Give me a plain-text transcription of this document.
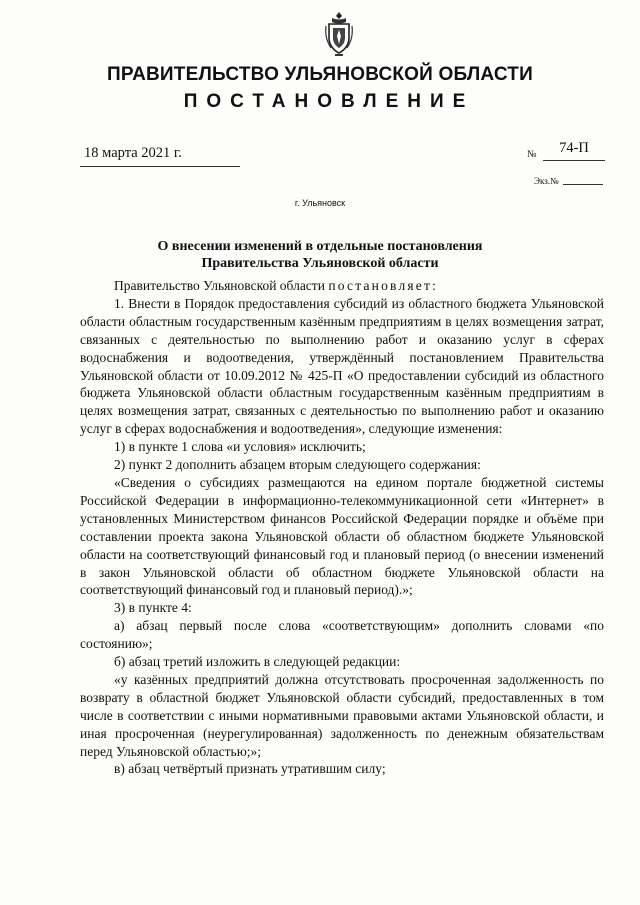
ПРАВИТЕЛЬСТВО УЛЬЯНОВСКОЙ ОБЛАСТИ
ПОСТАНОВЛЕНИЕ
18 марта 2021 г.	№	74-П
Экз.№
г. Ульяновск
О внесении изменений в отдельные постановления
Правительства Ульяновской области

Правительство Ульяновской области постановляет:

1. Внести в Порядок предоставления субсидий из областного бюджета Ульяновской области областным государственным казённым предприятиям в целях возмещения затрат, связанных с деятельностью по выполнению работ и оказанию услуг в сферах водоснабжения и водоотведения, утверждённый постановлением Правительства Ульяновской области от 10.09.2012 № 425-П «О предоставлении субсидий из областного бюджета Ульяновской области областным государственным казённым предприятиям в целях возмещения затрат, связанных с деятельностью по выполнению работ и оказанию услуг в сферах водоснабжения и водоотведения», следующие изменения:

1) в пункте 1 слова «и условия» исключить;

2) пункт 2 дополнить абзацем вторым следующего содержания:

«Сведения о субсидиях размещаются на едином портале бюджетной системы Российской Федерации в информационно-телекоммуникационной сети «Интернет» в установленных Министерством финансов Российской Федерации порядке и объёме при составлении проекта закона Ульяновской области об областном бюджете Ульяновской области на соответствующий финансовый год и плановый период (о внесении изменений в закон Ульяновской области об областном бюджете Ульяновской области на соответствующий финансовый год и плановый период).»;

3) в пункте 4:

а) абзац первый после слова «соответствующим» дополнить словами «по состоянию»;

б) абзац третий изложить в следующей редакции:

«у казённых предприятий должна отсутствовать просроченная задолженность по возврату в областной бюджет Ульяновской области субсидий, предоставленных в том числе в соответствии с иными нормативными правовыми актами Ульяновской области, и иная просроченная (неурегулированная) задолженность по денежным обязательствам перед Ульяновской областью;»;

в) абзац четвёртый признать утратившим силу;
